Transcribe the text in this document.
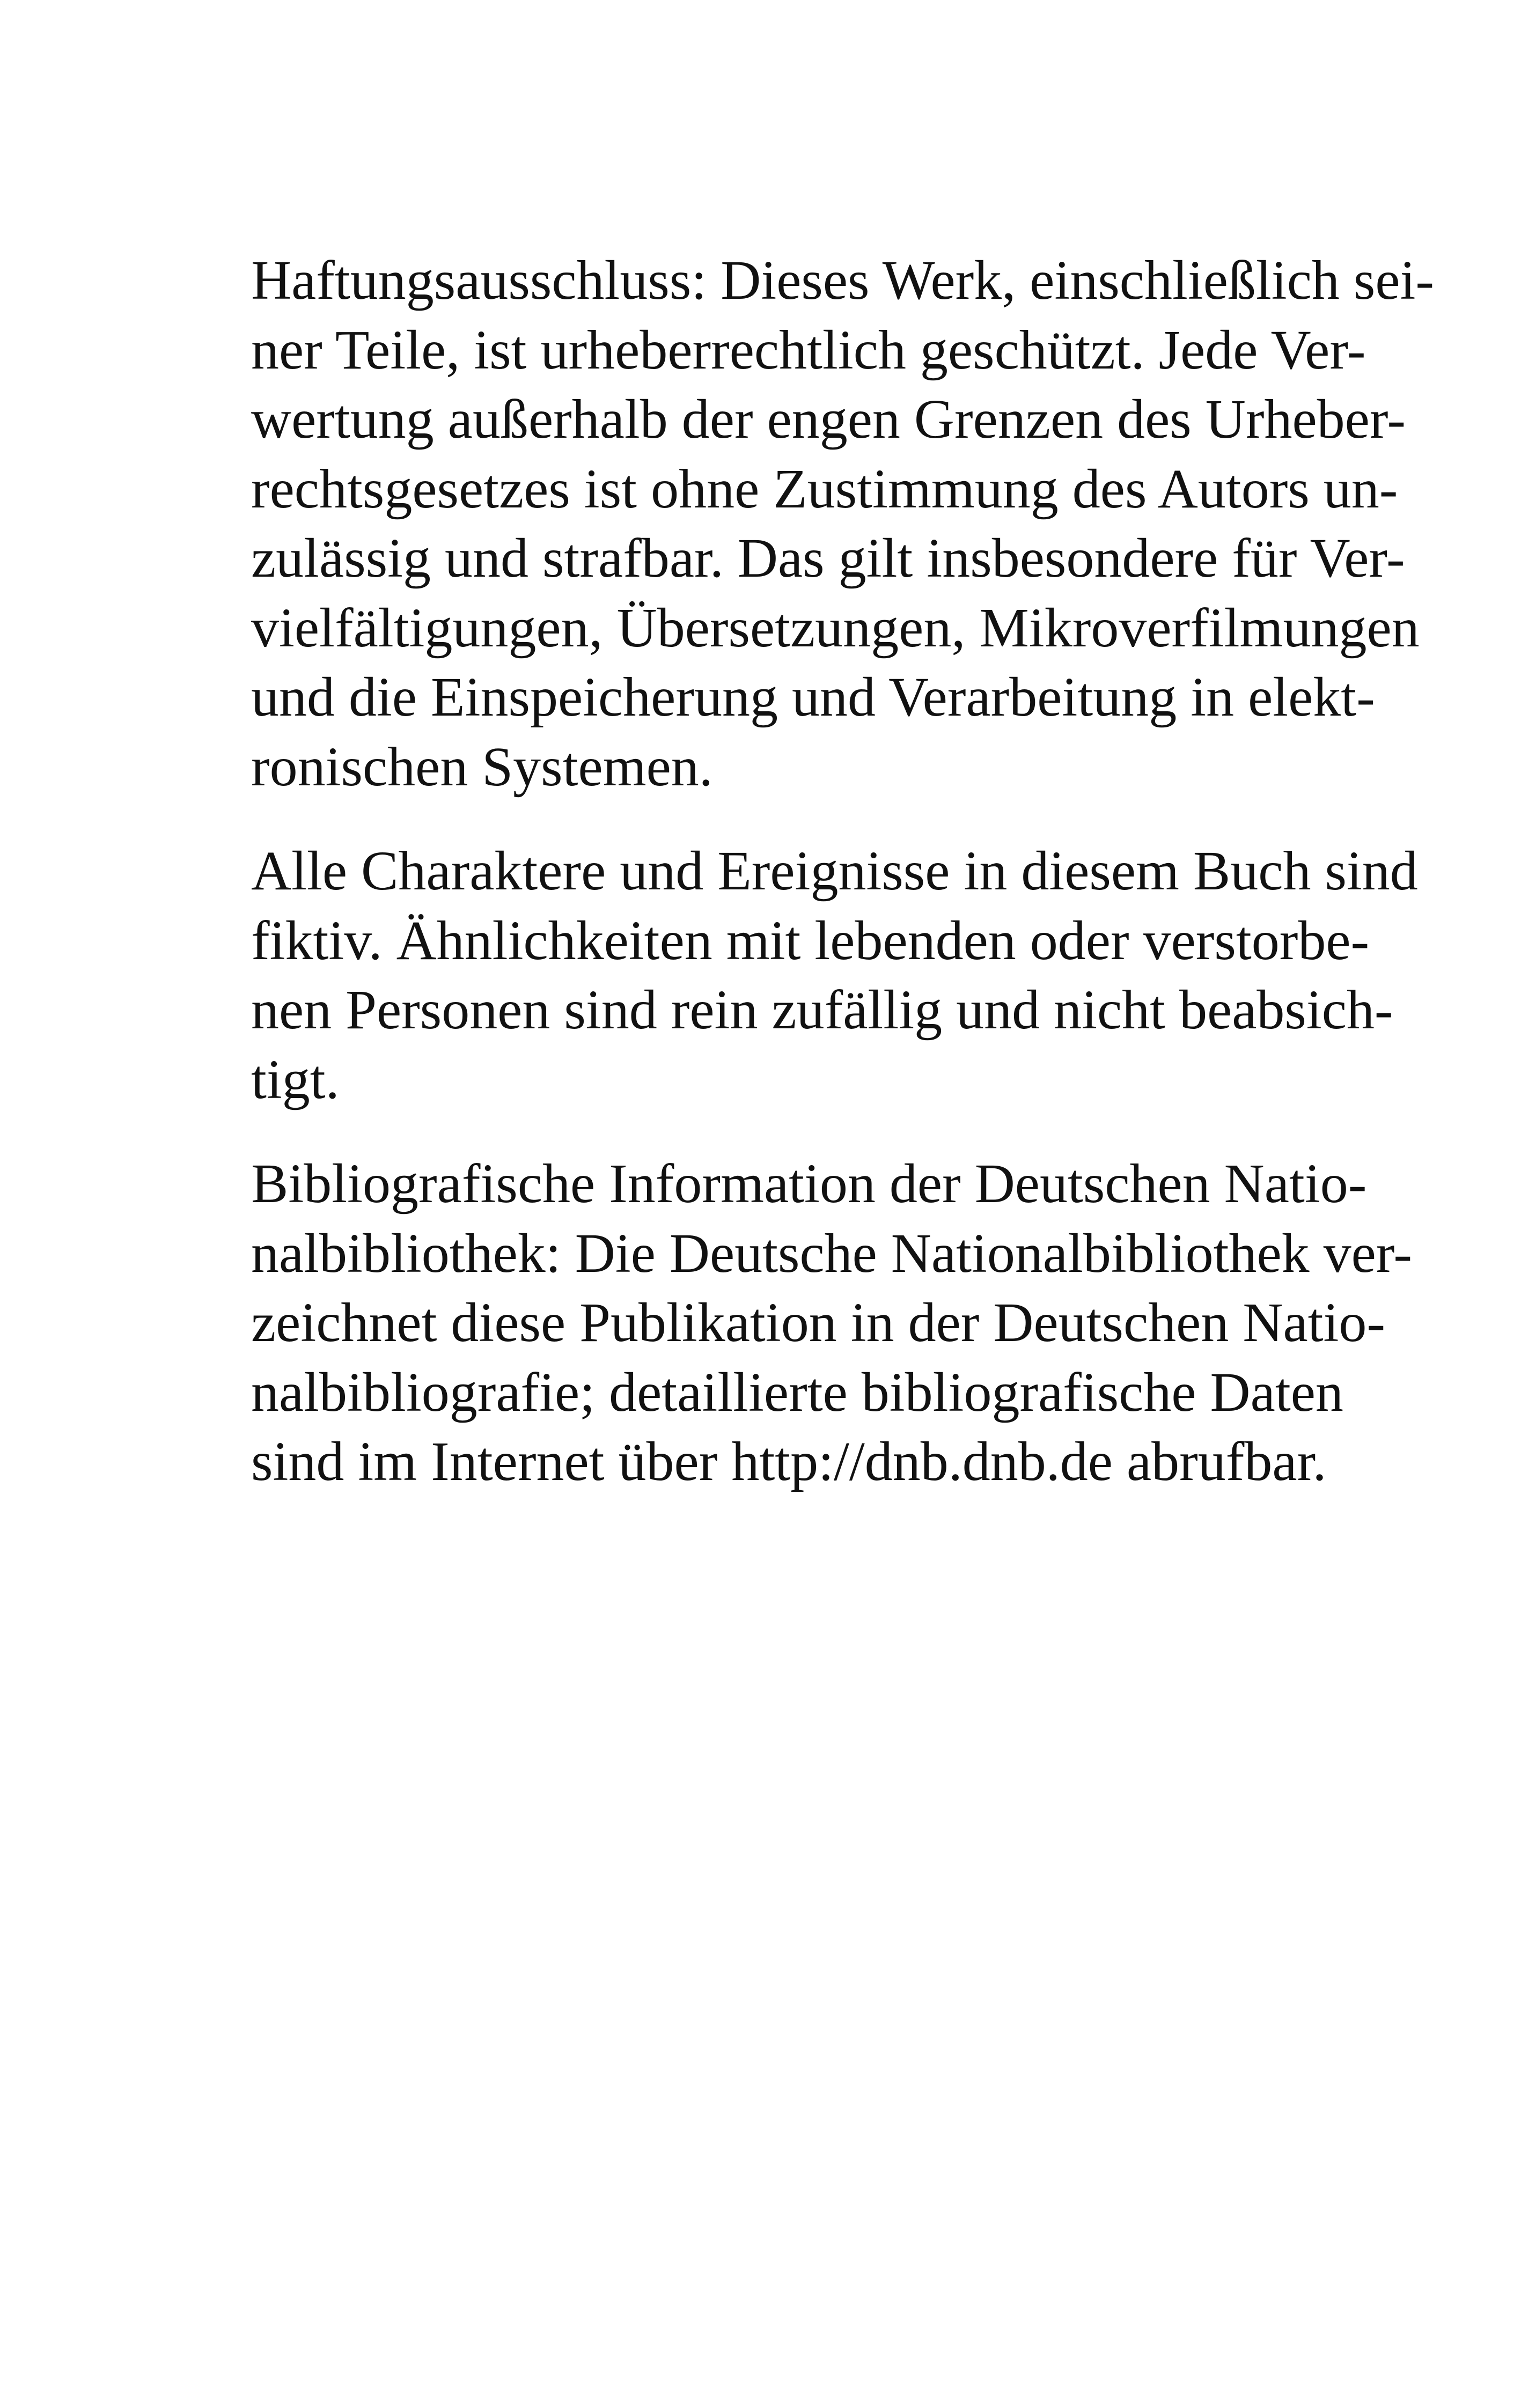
Haftungsausschluss: Dieses Werk, einschließlich sei-
ner Teile, ist urheberrechtlich geschützt. Jede Ver-
wertung außerhalb der engen Grenzen des Urheber-
rechtsgesetzes ist ohne Zustimmung des Autors un-
zulässig und strafbar. Das gilt insbesondere für Ver-
vielfältigungen, Übersetzungen, Mikroverfilmungen
und die Einspeicherung und Verarbeitung in elekt-
ronischen Systemen.

Alle Charaktere und Ereignisse in diesem Buch sind
fiktiv. Ähnlichkeiten mit lebenden oder verstorbe-
nen Personen sind rein zufällig und nicht beabsich-
tigt.

Bibliografische Information der Deutschen Natio-
nalbibliothek: Die Deutsche Nationalbibliothek ver-
zeichnet diese Publikation in der Deutschen Natio-
nalbibliografie; detaillierte bibliografische Daten
sind im Internet über http://dnb.dnb.de abrufbar.
